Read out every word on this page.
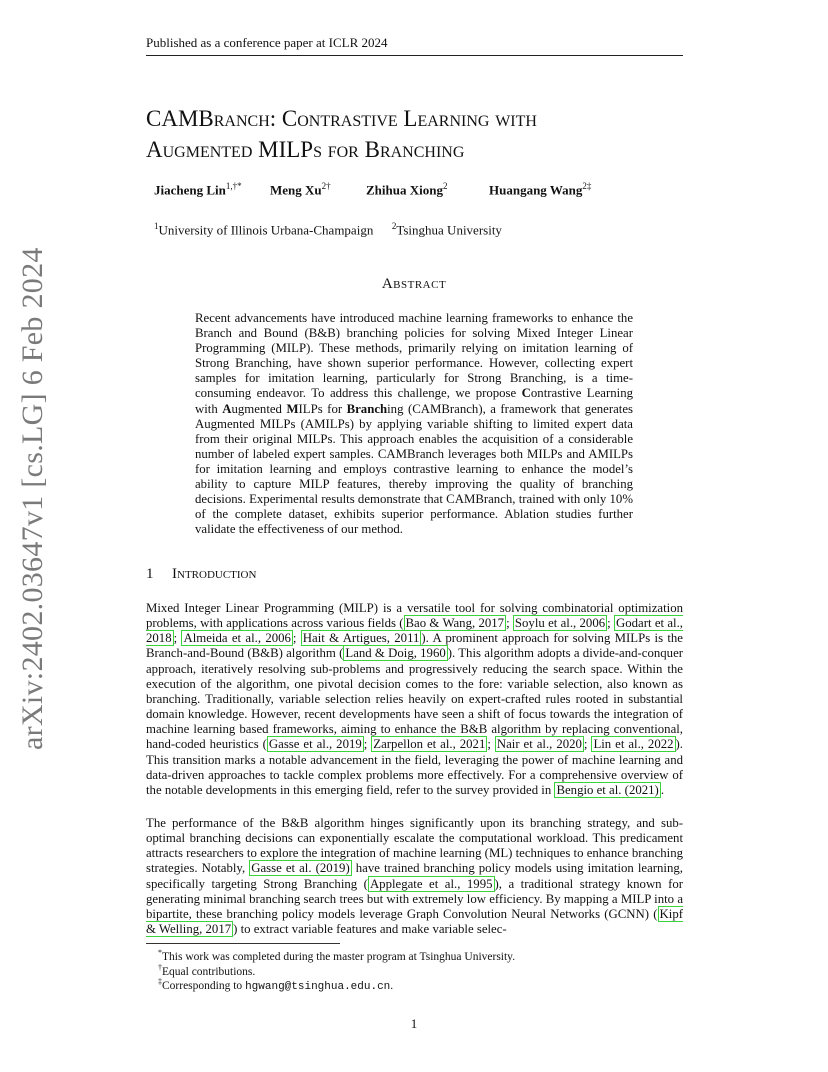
Published as a conference paper at ICLR 2024
arXiv:2402.03647v1 [cs.LG] 6 Feb 2024
CAMBranch: Contrastive Learning with
Augmented MILPs for Branching
Jiacheng Lin$^{1,\dagger*}$ Meng $Xu^{2\dagger}$	Zhihua Xiong$^2$	Huangang Wang$^{2\ddagger}$
$^1$University of Illinois Urbana-Champaign $^2$Tsinghua University
Abstract

Recent advancements have introduced machine learning frameworks to enhance the Branch and Bound (B&B) branching policies for solving Mixed Integer Linear Programming (MILP). These methods, primarily relying on imitation learning of Strong Branching, have shown superior performance. However, collecting expert samples for imitation learning, particularly for Strong Branching, is a time-consuming endeavor. To address this challenge, we propose Contrastive Learning with Augmented MILPs for Branching (CAMBranch), a framework that generates Augmented MILPs (AMILPs) by applying variable shifting to limited expert data from their original MILPs. This approach enables the acquisition of a considerable number of labeled expert samples. CAMBranch leverages both MILPs and AMILPs for imitation learning and employs contrastive learning to enhance the model’s ability to capture MILP features, thereby improving the quality of branching decisions. Experimental results demonstrate that CAMBranch, trained with only 10% of the complete dataset, exhibits superior performance. Ablation studies further validate the effectiveness of our method.

1 Introduction

Mixed Integer Linear Programming (MILP) is a versatile tool for solving combinatorial optimization problems, with applications across various fields ( Bao & Wang, 2017 ; Soylu et al., 2006 ; Godart et al., 2018 ; Almeida et al., 2006 ; Hait & Artigues, 2011 ). A prominent approach for solving MILPs is the Branch-and-Bound (B&B) algorithm ( Land & Doig, 1960 ). This algorithm adopts a divide-and-conquer approach, iteratively resolving sub-problems and progressively reducing the search space. Within the execution of the algorithm, one pivotal decision comes to the fore: variable selection, also known as branching. Traditionally, variable selection relies heavily on expert-crafted rules rooted in substantial domain knowledge. However, recent developments have seen a shift of focus towards the integration of machine learning based frameworks, aiming to enhance the B&B algorithm by replacing conventional, hand-coded heuristics ( Gasse et al., 2019 ; Zarpellon et al., 2021 ; Nair et al., 2020 ; Lin et al., 2022 ). This transition marks a notable advancement in the field, leveraging the power of machine learning and data-driven approaches to tackle complex problems more effectively. For a comprehensive overview of the notable developments in this emerging field, refer to the survey provided in Bengio et al. (2021) .

The performance of the B&B algorithm hinges significantly upon its branching strategy, and sub-optimal branching decisions can exponentially escalate the computational workload. This predicament attracts researchers to explore the integration of machine learning (ML) techniques to enhance branching strategies. Notably, Gasse et al. (2019) have trained branching policy models using imitation learning, specifically targeting Strong Branching ( Applegate et al., 1995 ), a traditional strategy known for generating minimal branching search trees but with extremely low efficiency. By mapping a MILP into a bipartite, these branching policy models leverage Graph Convolution Neural Networks (GCNN) ( Kipf & Welling, 2017 ) to extract variable features and make variable selec-

*This work was completed during the master program at Tsinghua University.
†Equal contributions.
‡Corresponding to hgwang@tsinghua.edu.cn.
1
